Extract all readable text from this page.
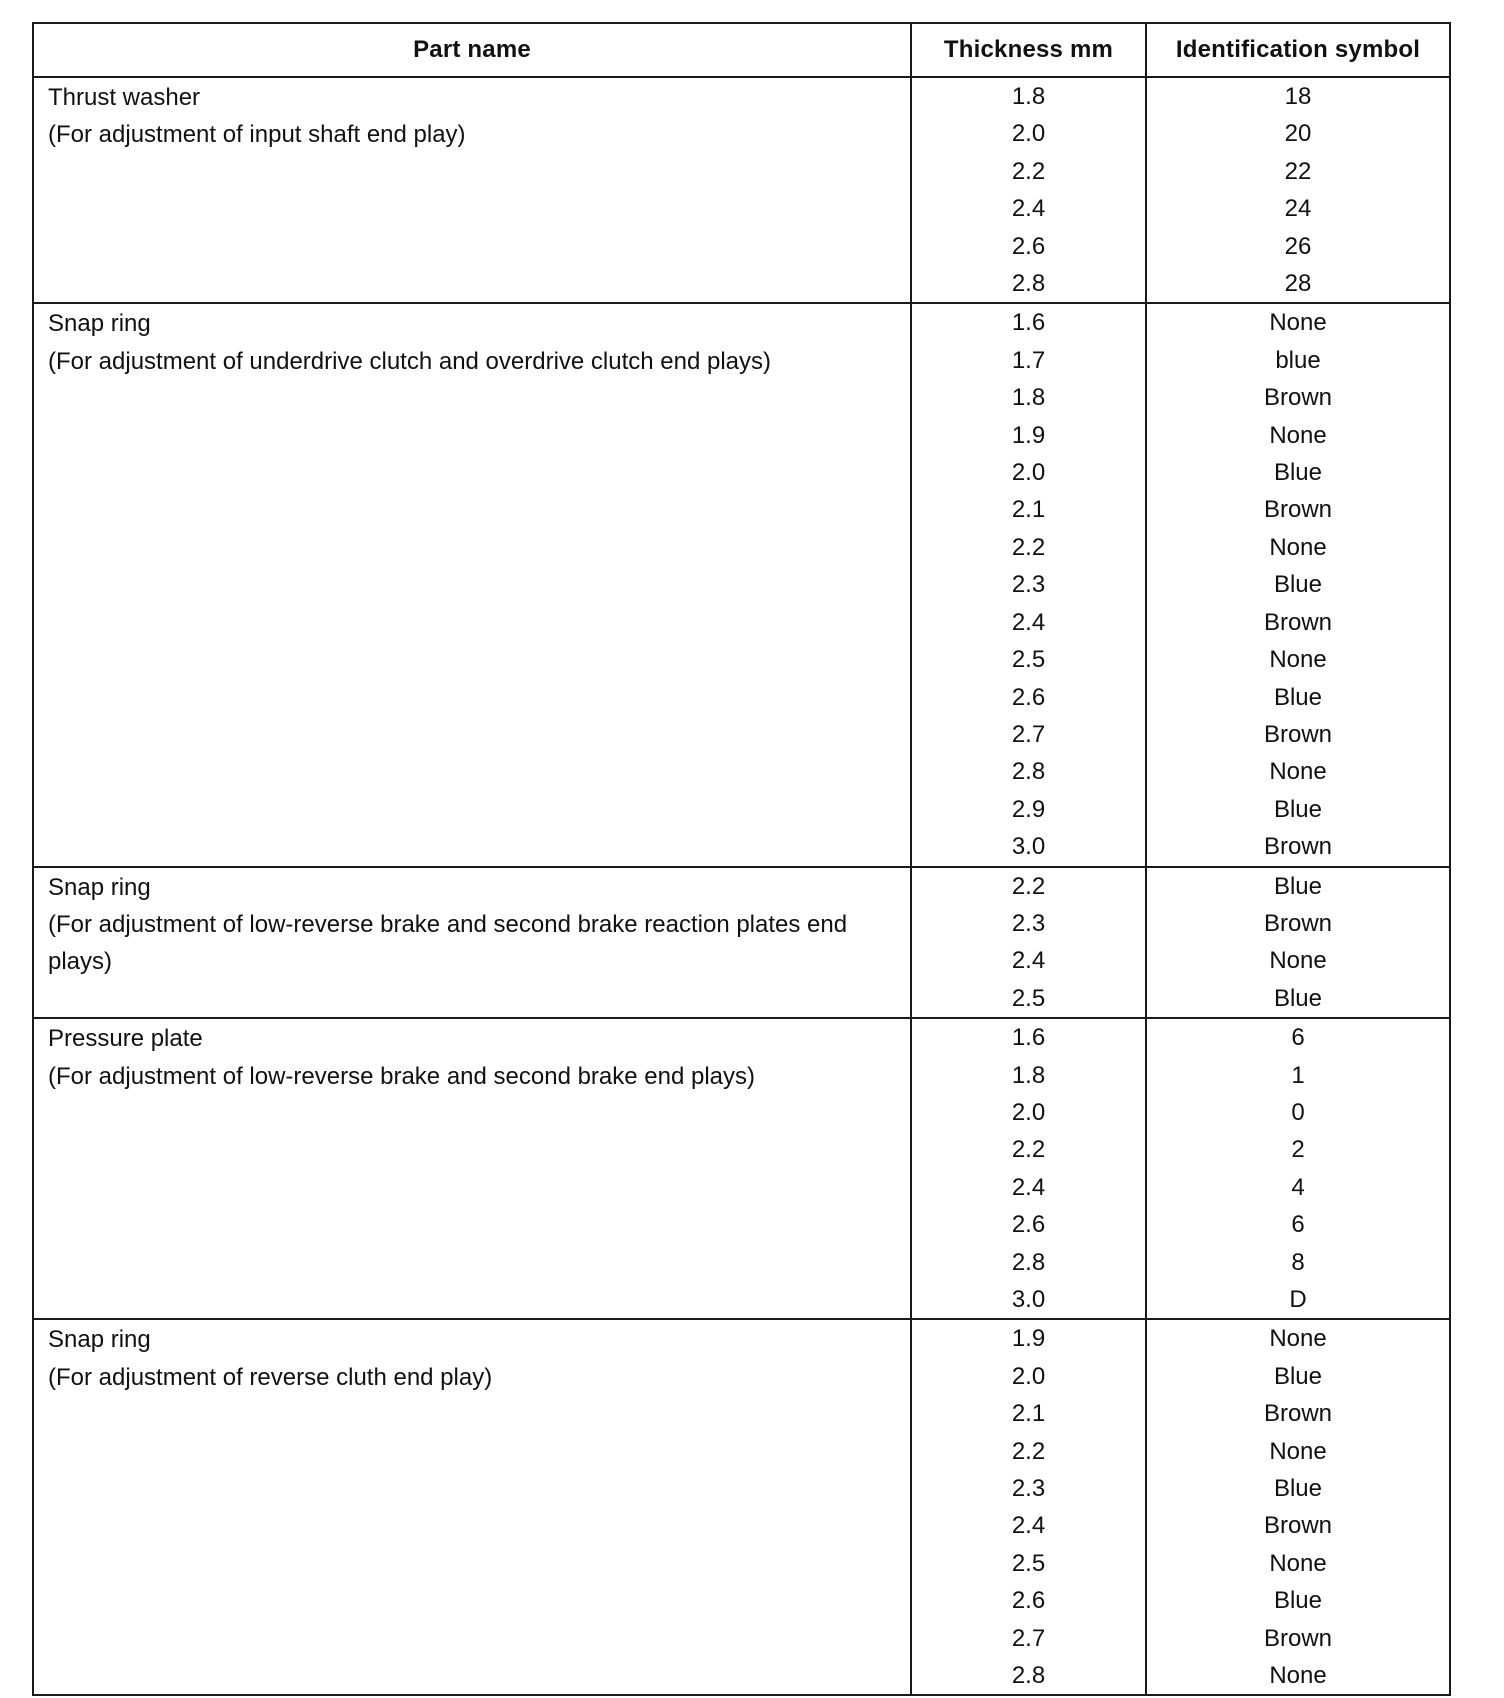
Part name	Thickness mm	Identification symbol

Thrust washer
(For adjustment of input shaft end play)	1.8	18
	2.0	20
	2.2	22
	2.4	24
	2.6	26
	2.8	28

Snap ring
(For adjustment of underdrive clutch and overdrive clutch end plays)	1.6	None
	1.7	blue
	1.8	Brown
	1.9	None
	2.0	Blue
	2.1	Brown
	2.2	None
	2.3	Blue
	2.4	Brown
	2.5	None
	2.6	Blue
	2.7	Brown
	2.8	None
	2.9	Blue
	3.0	Brown

Snap ring
(For adjustment of low-reverse brake and second brake reaction plates end plays)	2.2	Blue
	2.3	Brown
	2.4	None
	2.5	Blue

Pressure plate
(For adjustment of low-reverse brake and second brake end plays)	1.6	6
	1.8	1
	2.0	0
	2.2	2
	2.4	4
	2.6	6
	2.8	8
	3.0	D

Snap ring
(For adjustment of reverse cluth end play)	1.9	None
	2.0	Blue
	2.1	Brown
	2.2	None
	2.3	Blue
	2.4	Brown
	2.5	None
	2.6	Blue
	2.7	Brown
	2.8	None
